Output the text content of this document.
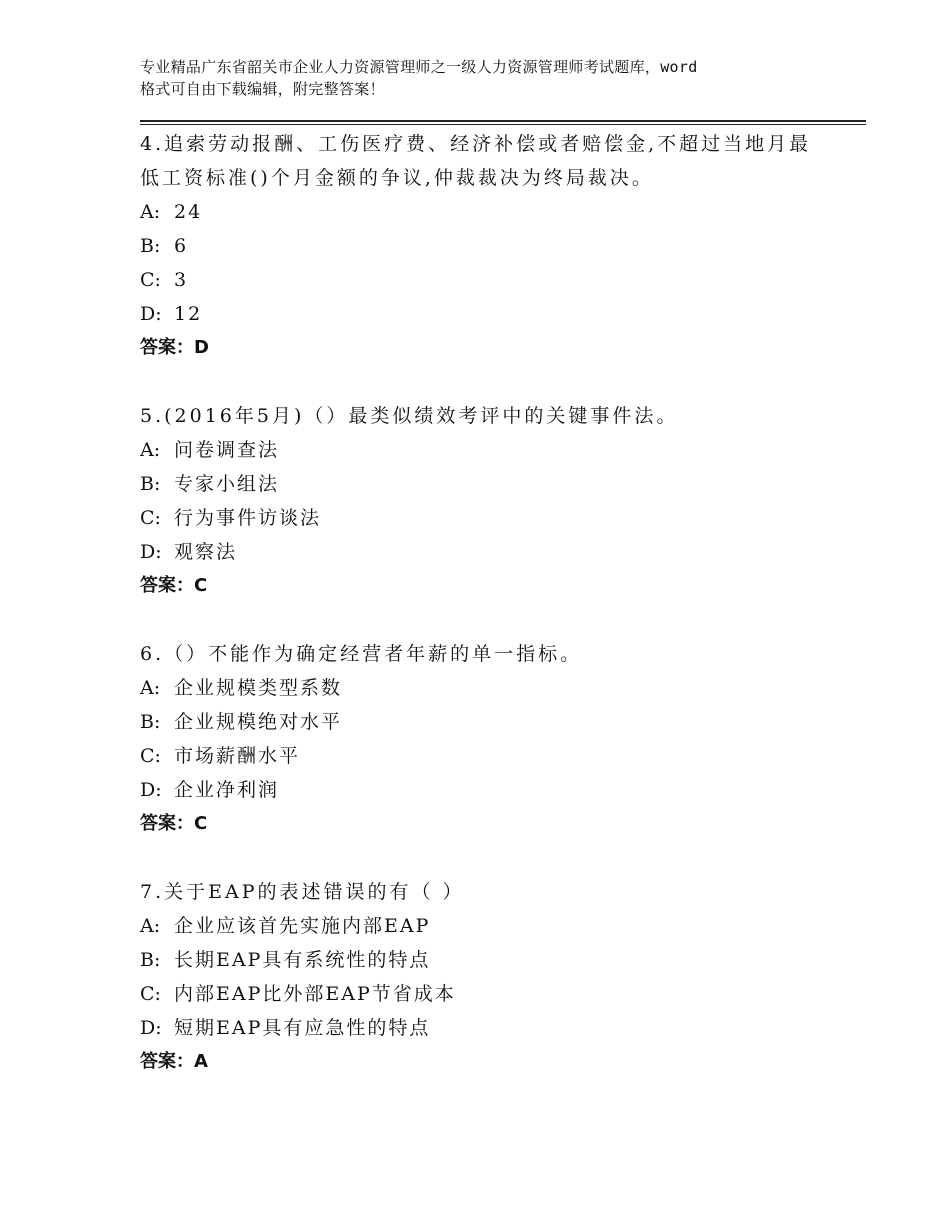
专业精品广东省韶关市企业人力资源管理师之一级人力资源管理师考试题库，word
格式可自由下载编辑，附完整答案！
4.追索劳动报酬、工伤医疗费、经济补偿或者赔偿金,不超过当地月最
低工资标准()个月金额的争议,仲裁裁决为终局裁决。
A: 24
B: 6
C: 3
D: 12
答案：D
5.(2016年5月)（）最类似绩效考评中的关键事件法。
A: 问卷调查法
B: 专家小组法
C: 行为事件访谈法
D: 观察法
答案：C
6.（）不能作为确定经营者年薪的单一指标。
A: 企业规模类型系数
B: 企业规模绝对水平
C: 市场薪酬水平
D: 企业净利润
答案：C
7.关于EAP的表述错误的有（ ）
A: 企业应该首先实施内部EAP
B: 长期EAP具有系统性的特点
C: 内部EAP比外部EAP节省成本
D: 短期EAP具有应急性的特点
答案：A
